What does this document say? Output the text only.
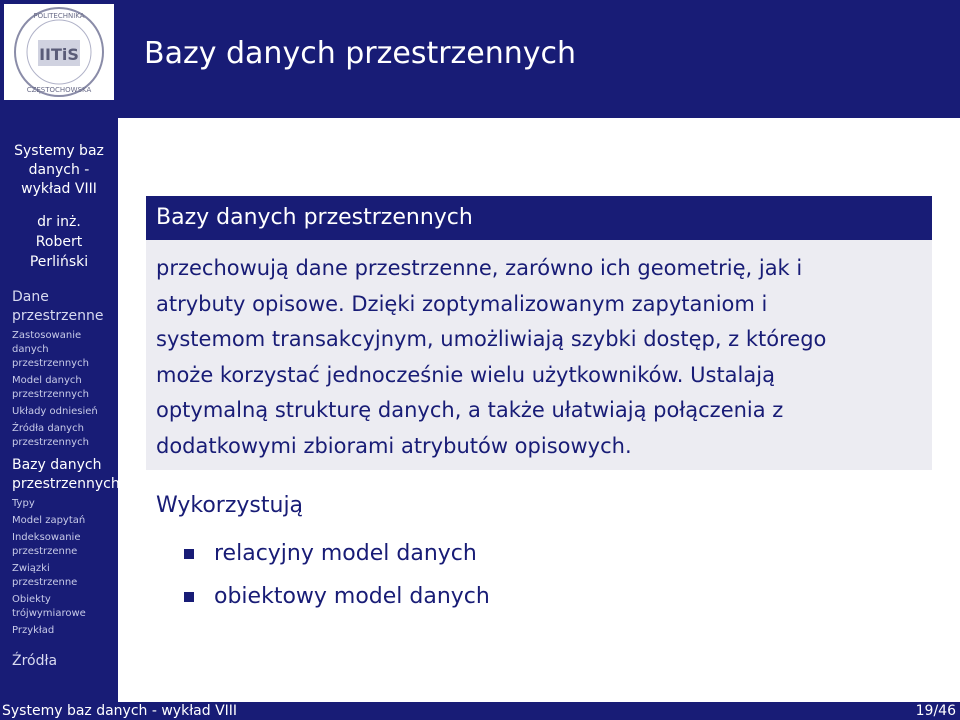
IITiS
POLITECHNIKA
CZĘSTOCHOWSKA
Systemy baz
danych -
wykład VIII
dr inż.
Robert
Perliński
Dane
przestrzenne
Zastosowanie danych
przestrzennych
Model danych
przestrzennych
Układy odniesień
Źródła danych
przestrzennych
Bazy danych
przestrzennych
Typy
Model zapytań
Indeksowanie
przestrzenne
Związki przestrzenne
Obiekty
trójwymiarowe
Przykład
Źródła
Bazy danych przestrzennych
Bazy danych przestrzennych
przechowują dane przestrzenne, zarówno ich geometrię, jak i
atrybuty opisowe. Dzięki zoptymalizowanym zapytaniom i
systemom transakcyjnym, umożliwiają szybki dostęp, z którego
może korzystać jednocześnie wielu użytkowników. Ustalają
optymalną strukturę danych, a także ułatwiają połączenia z
dodatkowymi zbiorami atrybutów opisowych.
Wykorzystują
relacyjny model danych
obiektowy model danych
Systemy baz danych - wykład VIII	19/46
